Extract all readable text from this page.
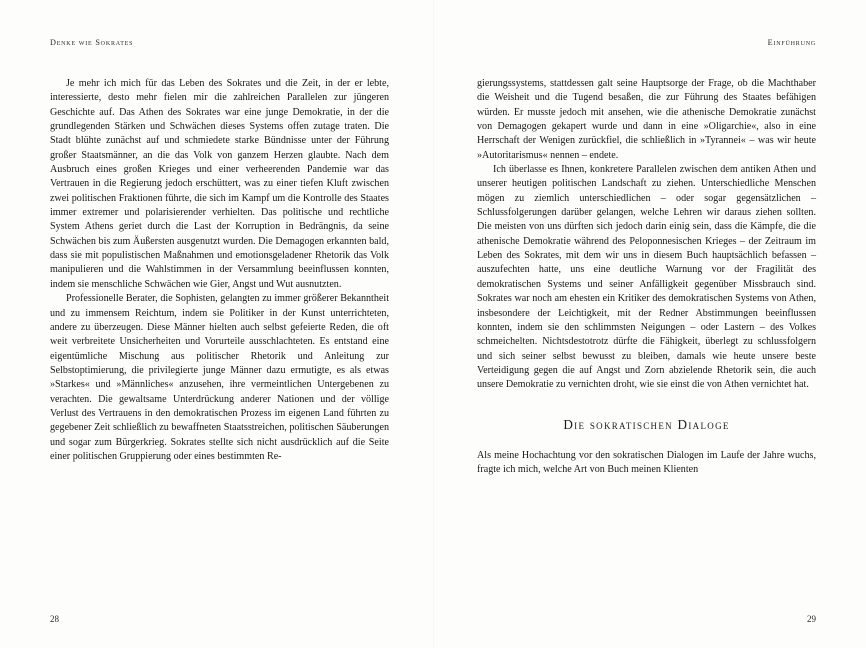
Denke wie Sokrates

Je mehr ich mich für das Leben des Sokrates und die Zeit, in der er lebte, interessierte, desto mehr fielen mir die zahlreichen Parallelen zur jüngeren Geschichte auf. Das Athen des Sokrates war eine junge Demokratie, in der die grundlegenden Stärken und Schwächen dieses Systems offen zutage traten. Die Stadt blühte zunächst auf und schmiedete starke Bündnisse unter der Führung großer Staatsmänner, an die das Volk von ganzem Herzen glaubte. Nach dem Ausbruch eines großen Krieges und einer verheerenden Pandemie war das Vertrauen in die Regierung jedoch erschüttert, was zu einer tiefen Kluft zwischen zwei politischen Fraktionen führte, die sich im Kampf um die Kontrolle des Staates immer extremer und polarisierender verhielten. Das politische und rechtliche System Athens geriet durch die Last der Korruption in Bedrängnis, da seine Schwächen bis zum Äußersten ausgenutzt wurden. Die Demagogen erkannten bald, dass sie mit populistischen Maßnahmen und emotionsgeladener Rhetorik das Volk manipulieren und die Wahlstimmen in der Versammlung beeinflussen konnten, indem sie menschliche Schwächen wie Gier, Angst und Wut ausnutzten.

Professionelle Berater, die Sophisten, gelangten zu immer größerer Bekanntheit und zu immensem Reichtum, indem sie Politiker in der Kunst unterrichteten, andere zu überzeugen. Diese Männer hielten auch selbst gefeierte Reden, die oft weit verbreitete Unsicherheiten und Vorurteile ausschlachteten. Es entstand eine eigentümliche Mischung aus politischer Rhetorik und Anleitung zur Selbstoptimierung, die privilegierte junge Männer dazu ermutigte, es als etwas »Starkes« und »Männliches« anzusehen, ihre vermeintlichen Untergebenen zu verachten. Die gewaltsame Unterdrückung anderer Nationen und der völlige Verlust des Vertrauens in den demokratischen Prozess im eigenen Land führten zu gegebener Zeit schließlich zu bewaffneten Staatsstreichen, politischen Säuberungen und sogar zum Bürgerkrieg. Sokrates stellte sich nicht ausdrücklich auf die Seite einer politischen Gruppierung oder eines bestimmten Re-

28
Einführung

gierungssystems, stattdessen galt seine Hauptsorge der Frage, ob die Machthaber die Weisheit und die Tugend besaßen, die zur Führung des Staates befähigen würden. Er musste jedoch mit ansehen, wie die athenische Demokratie zunächst von Demagogen gekapert wurde und dann in eine »Oligarchie«, also in eine Herrschaft der Wenigen zurückfiel, die schließlich in »Tyrannei« – was wir heute »Autoritarismus« nennen – endete.

Ich überlasse es Ihnen, konkretere Parallelen zwischen dem antiken Athen und unserer heutigen politischen Landschaft zu ziehen. Unterschiedliche Menschen mögen zu ziemlich unterschiedlichen – oder sogar gegensätzlichen – Schlussfolgerungen darüber gelangen, welche Lehren wir daraus ziehen sollten. Die meisten von uns dürften sich jedoch darin einig sein, dass die Kämpfe, die die athenische Demokratie während des Peloponnesischen Krieges – der Zeitraum im Leben des Sokrates, mit dem wir uns in diesem Buch hauptsächlich befassen – auszufechten hatte, uns eine deutliche Warnung vor der Fragilität des demokratischen Systems und seiner Anfälligkeit gegenüber Missbrauch sind. Sokrates war noch am ehesten ein Kritiker des demokratischen Systems von Athen, insbesondere der Leichtigkeit, mit der Redner Abstimmungen beeinflussen konnten, indem sie den schlimmsten Neigungen – oder Lastern – des Volkes schmeichelten. Nichtsdestotrotz dürfte die Fähigkeit, überlegt zu schlussfolgern und sich seiner selbst bewusst zu bleiben, damals wie heute unsere beste Verteidigung gegen die auf Angst und Zorn abzielende Rhetorik sein, die auch unsere Demokratie zu vernichten droht, wie sie einst die von Athen vernichtet hat.

Die sokratischen Dialoge

Als meine Hochachtung vor den sokratischen Dialogen im Laufe der Jahre wuchs, fragte ich mich, welche Art von Buch meinen Klienten

29
